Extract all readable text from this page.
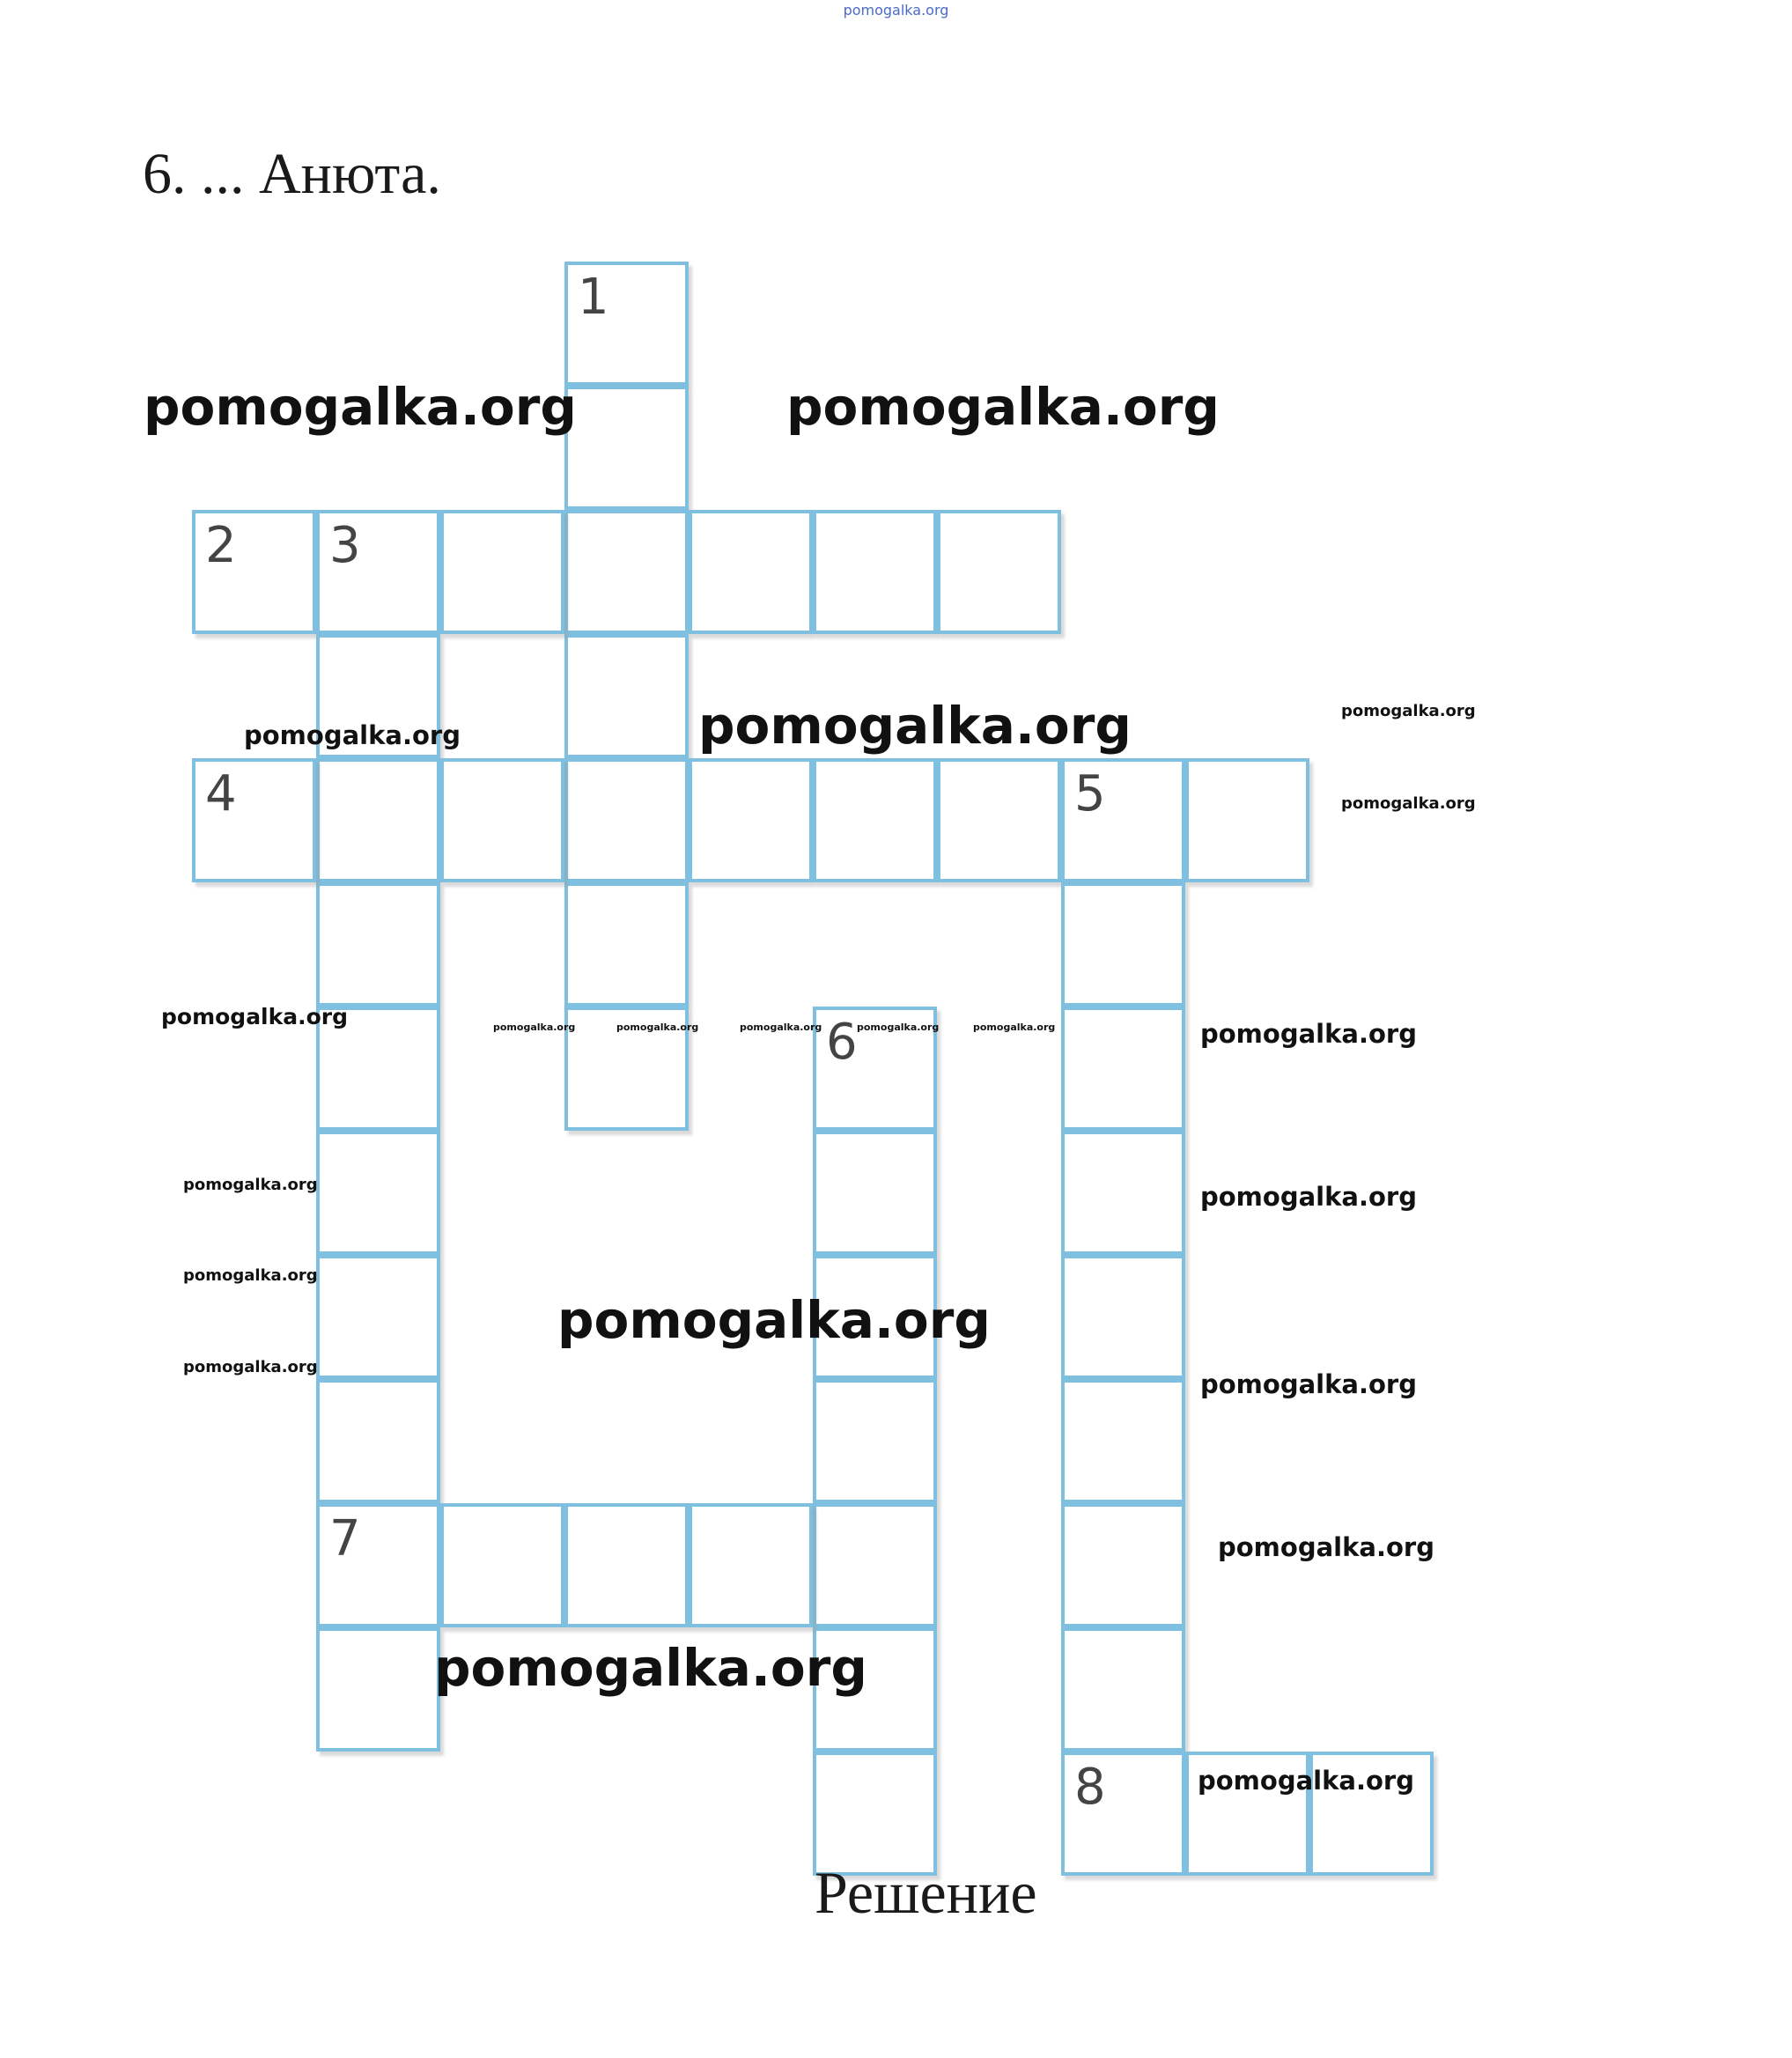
pomogalka.org
6. ... Анюта.
1
2 3
7
4	5
8
6
pomogalka.org	pomogalka.org
pomogalka.org
pomogalka.org
pomogalka.org
pomogalka.org
pomogalka.org
pomogalka.org
pomogalka.org
pomogalka.org
pomogalka.org
pomogalka.org
pomogalka.org
pomogalka.org
pomogalka.org
pomogalka.org
pomogalka.org
pomogalka.org	pomogalka.org	pomogalka.org	pomogalka.org	pomogalka.org
Решение
